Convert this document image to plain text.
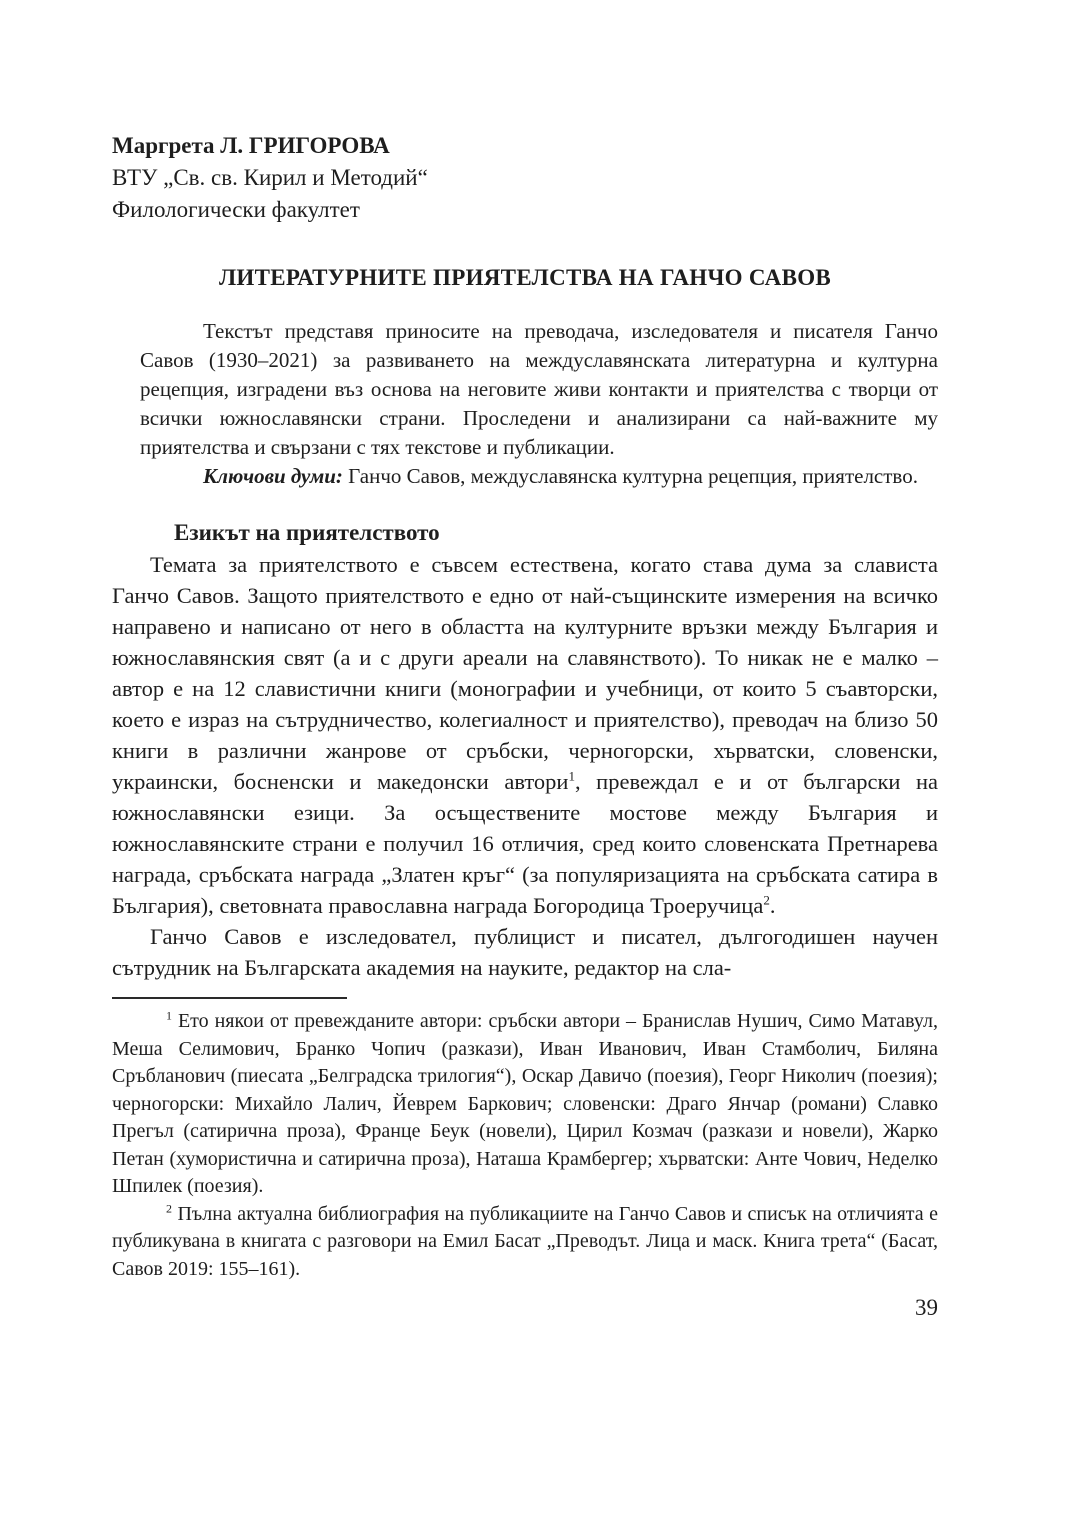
Маргрета Л. ГРИГОРОВА

ВТУ „Св. св. Кирил и Методий“

Филологически факултет

ЛИТЕРАТУРНИТЕ ПРИЯТЕЛСТВА НА ГАНЧО САВОВ

Текстът представя приносите на преводача, изследователя и писателя Ганчо Савов (1930–2021) за развиването на междуславянската литературна и културна рецепция, изградени въз основа на неговите живи контакти и приятелства с творци от всички южнославянски страни. Проследени и анализирани са най-важните му приятелства и свързани с тях текстове и публикации.

Ключови думи: Ганчо Савов, междуславянска културна рецепция, приятелство.

Езикът на приятелството

Темата за приятелството е съвсем естествена, когато става дума за слависта Ганчо Савов. Защото приятелството е едно от най-същинските измерения на всичко направено и написано от него в областта на културните връзки между България и южнославянския свят (а и с други ареали на славянството). То никак не е малко – автор е на 12 славистични книги (монографии и учебници, от които 5 съавторски, което е израз на сътрудничество, колегиалност и приятелство), преводач на близо 50 книги в различни жанрове от сръбски, черногорски, хърватски, словенски, украински, босненски и македонски автори$^1$, превеждал е и от български на южнославянски езици. За осъществените мостове между България и южнославянските страни е получил 16 отличия, сред които словенската Претнарева награда, сръбската награда „Златен кръг“ (за популяризацията на сръбската сатира в България), световната православна награда Богородица Троеручица$^2$.

Ганчо Савов е изследовател, публицист и писател, дългогодишен научен сътрудник на Българската академия на науките, редактор на сла-

$^1$ Ето някои от превежданите автори: сръбски автори – Бранислав Нушич, Симо Матавул, Меша Селимович, Бранко Чопич (разкази), Иван Иванович, Иван Стамболич, Биляна Сръбланович (пиесата „Белградска трилогия“), Оскар Давичо (поезия), Георг Николич (поезия); черногорски: Михайло Лалич, Йеврем Баркович; словенски: Драго Янчар (романи) Славко Прегъл (сатирична проза), Франце Беук (новели), Цирил Козмач (разкази и новели), Жарко Петан (хумористична и сатирична проза), Наташа Крамбергер; хърватски: Анте Чович, Неделко Шпилек (поезия).

$^2$ Пълна актуална библиография на публикациите на Ганчо Савов и списък на отличията е публикувана в книгата с разговори на Емил Басат „Преводът. Лица и маск. Книга трета“ (Басат, Савов 2019: 155–161).

39
